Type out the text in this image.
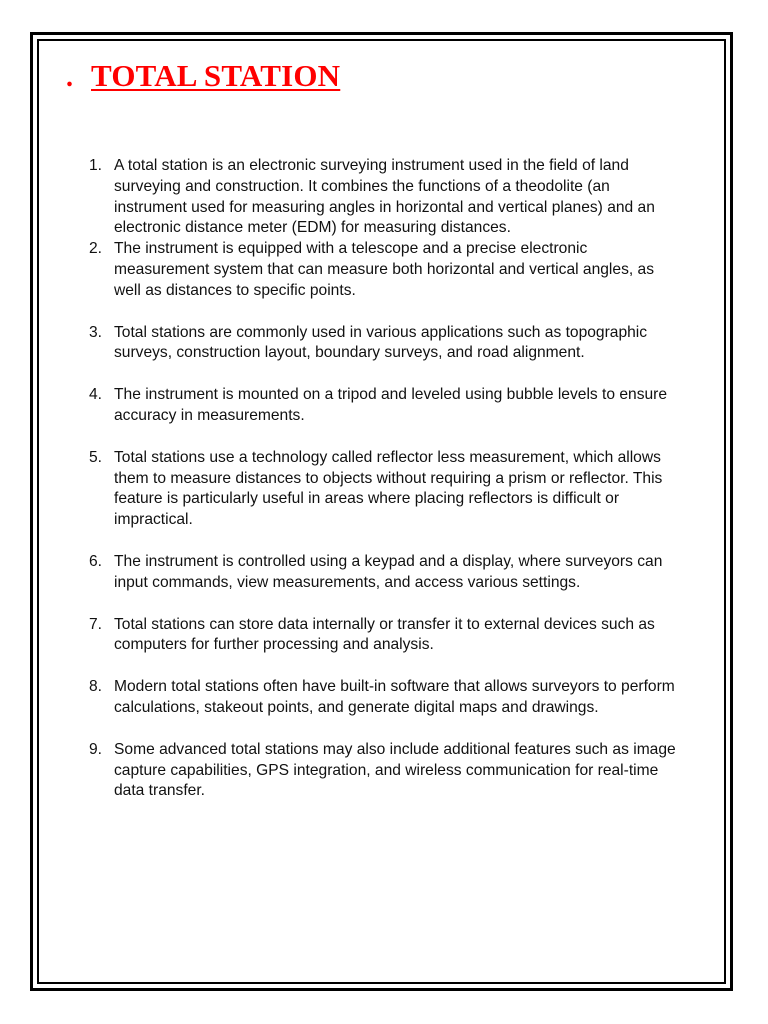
. TOTAL STATION
1. A total station is an electronic surveying instrument used in the field of land surveying and construction. It combines the functions of a theodolite (an instrument used for measuring angles in horizontal and vertical planes) and an electronic distance meter (EDM) for measuring distances.
2. The instrument is equipped with a telescope and a precise electronic measurement system that can measure both horizontal and vertical angles, as well as distances to specific points.
3. Total stations are commonly used in various applications such as topographic surveys, construction layout, boundary surveys, and road alignment.
4. The instrument is mounted on a tripod and leveled using bubble levels to ensure accuracy in measurements.
5. Total stations use a technology called reflector less measurement, which allows them to measure distances to objects without requiring a prism or reflector. This feature is particularly useful in areas where placing reflectors is difficult or impractical.
6. The instrument is controlled using a keypad and a display, where surveyors can input commands, view measurements, and access various settings.
7. Total stations can store data internally or transfer it to external devices such as computers for further processing and analysis.
8. Modern total stations often have built-in software that allows surveyors to perform calculations, stakeout points, and generate digital maps and drawings.
9. Some advanced total stations may also include additional features such as image capture capabilities, GPS integration, and wireless communication for real-time data transfer.
